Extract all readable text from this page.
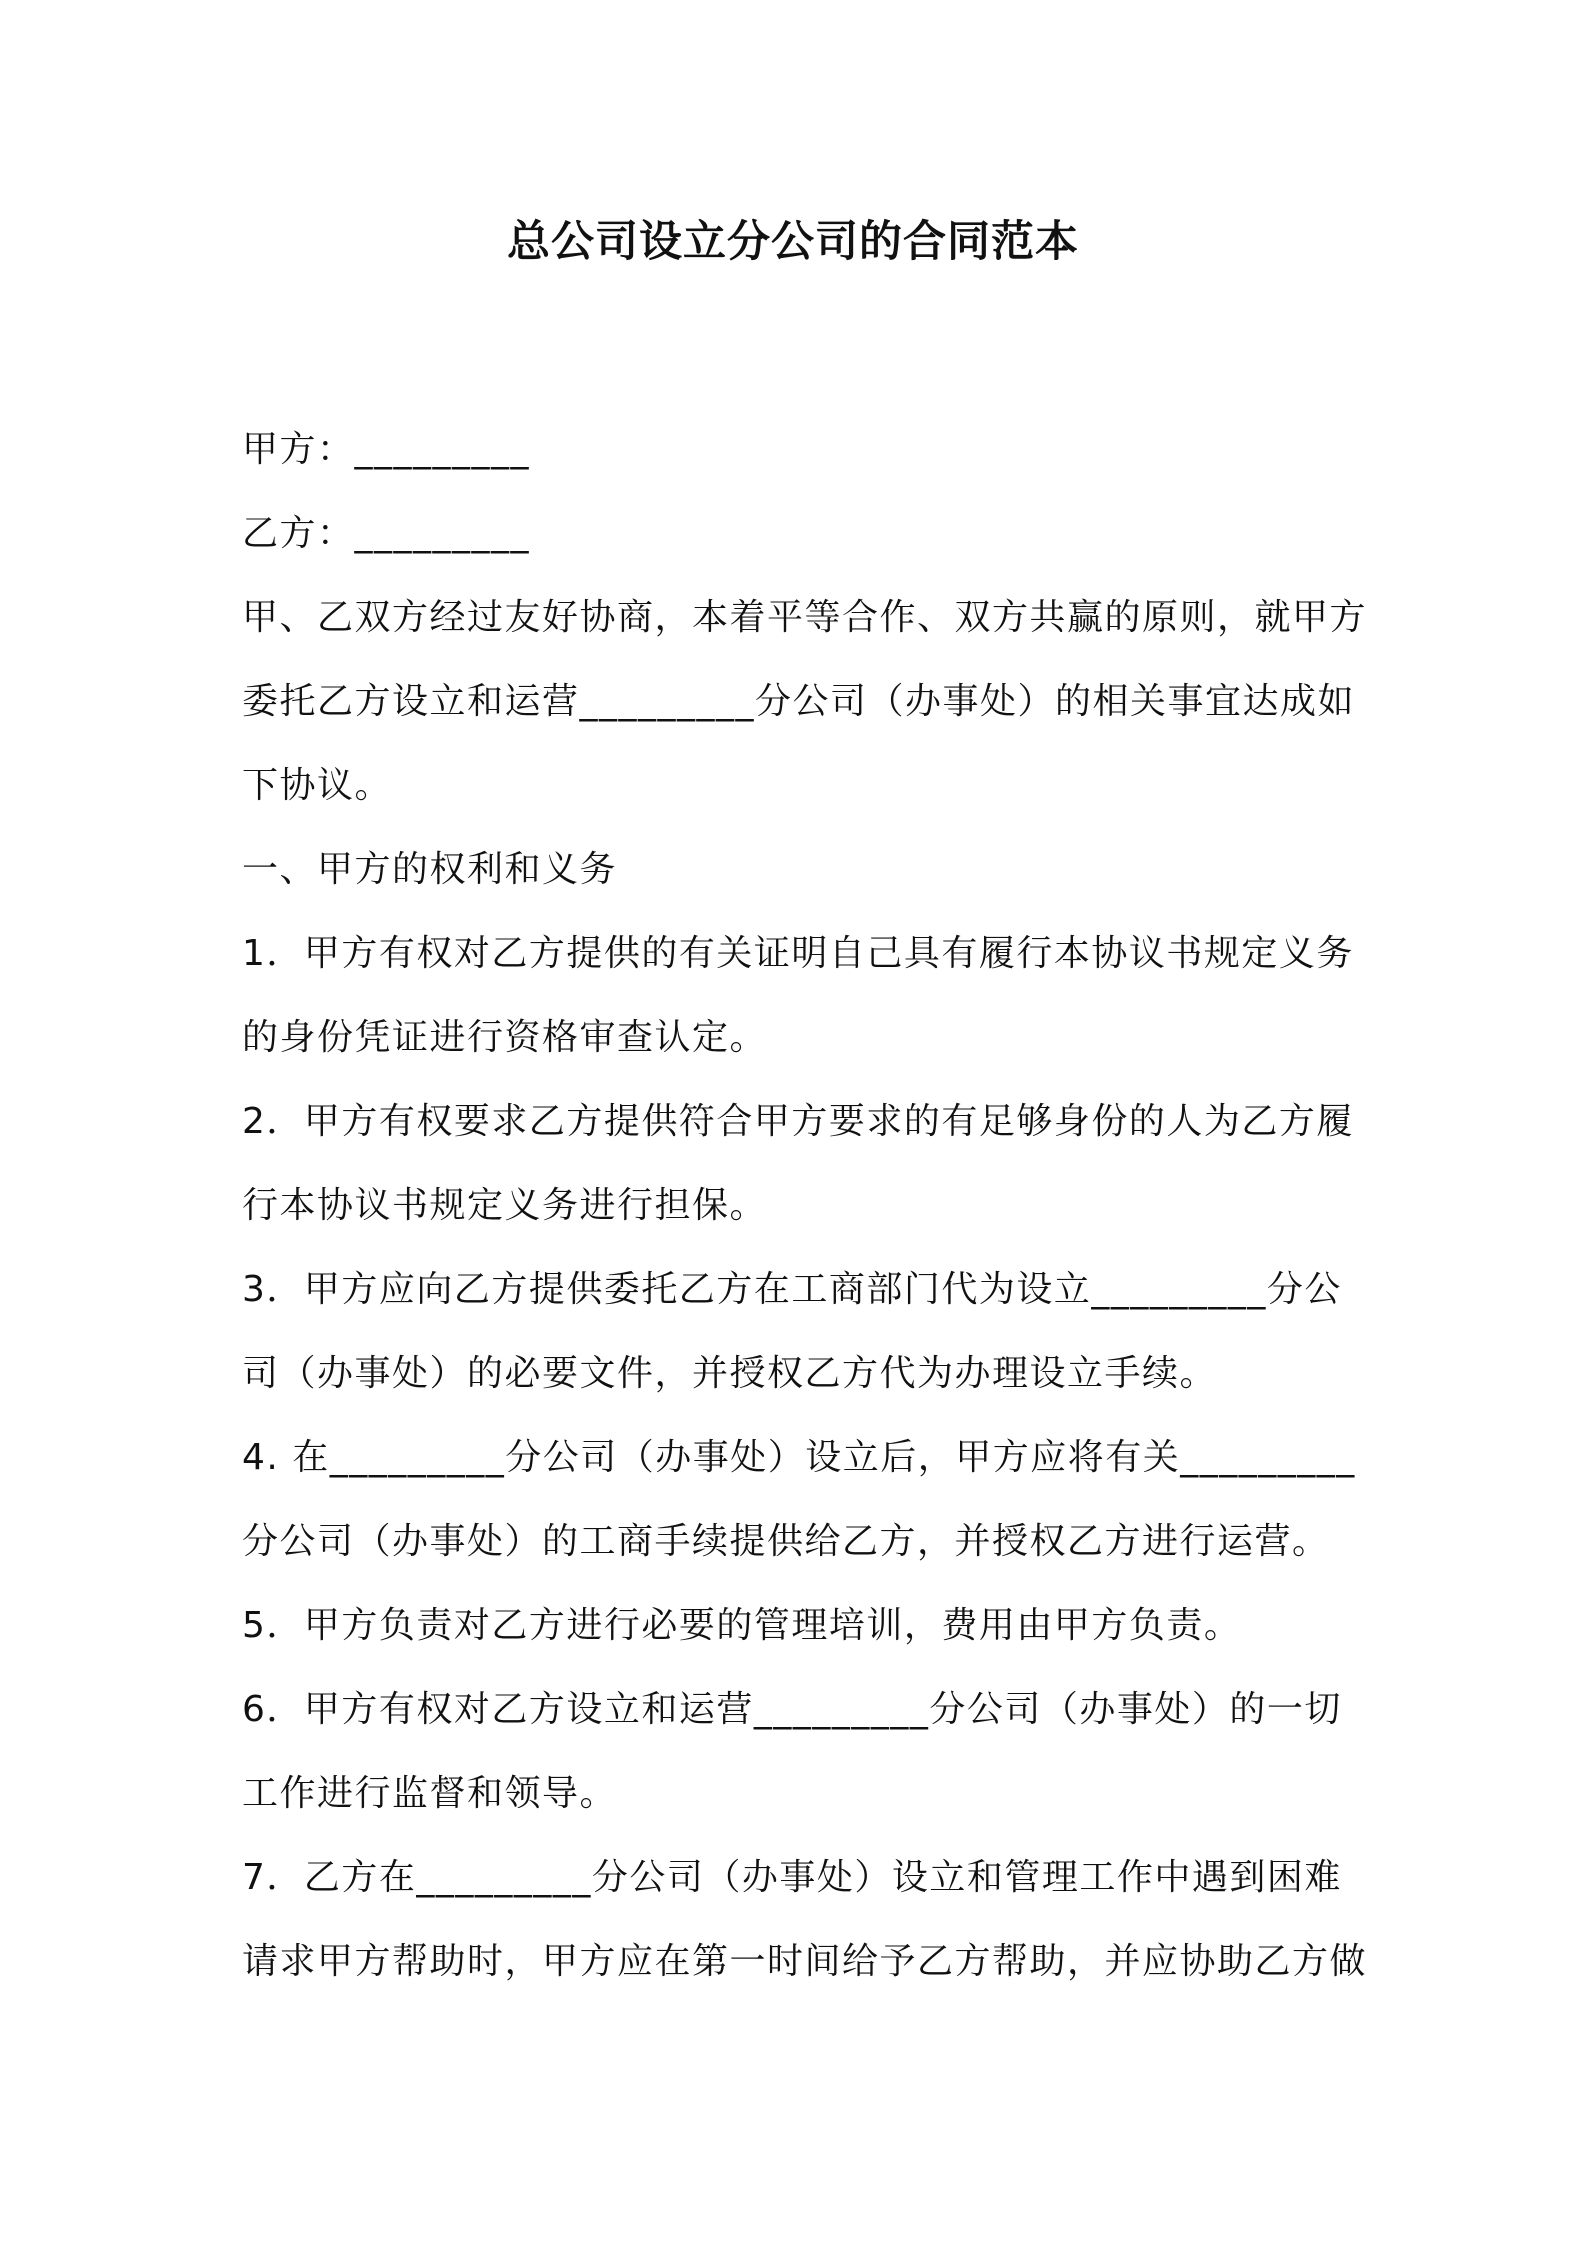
总公司设立分公司的合同范本
甲方：_________
乙方：_________
甲、乙双方经过友好协商，本着平等合作、双方共赢的原则，就甲方
委托乙方设立和运营_________分公司（办事处）的相关事宜达成如
下协议。
一、甲方的权利和义务
1．甲方有权对乙方提供的有关证明自己具有履行本协议书规定义务
的身份凭证进行资格审查认定。
2．甲方有权要求乙方提供符合甲方要求的有足够身份的人为乙方履
行本协议书规定义务进行担保。
3．甲方应向乙方提供委托乙方在工商部门代为设立_________分公
司（办事处）的必要文件，并授权乙方代为办理设立手续。
4. 在_________分公司（办事处）设立后，甲方应将有关_________
分公司（办事处）的工商手续提供给乙方，并授权乙方进行运营。
5．甲方负责对乙方进行必要的管理培训，费用由甲方负责。
6．甲方有权对乙方设立和运营_________分公司（办事处）的一切
工作进行监督和领导。
7．乙方在_________分公司（办事处）设立和管理工作中遇到困难
请求甲方帮助时，甲方应在第一时间给予乙方帮助，并应协助乙方做
